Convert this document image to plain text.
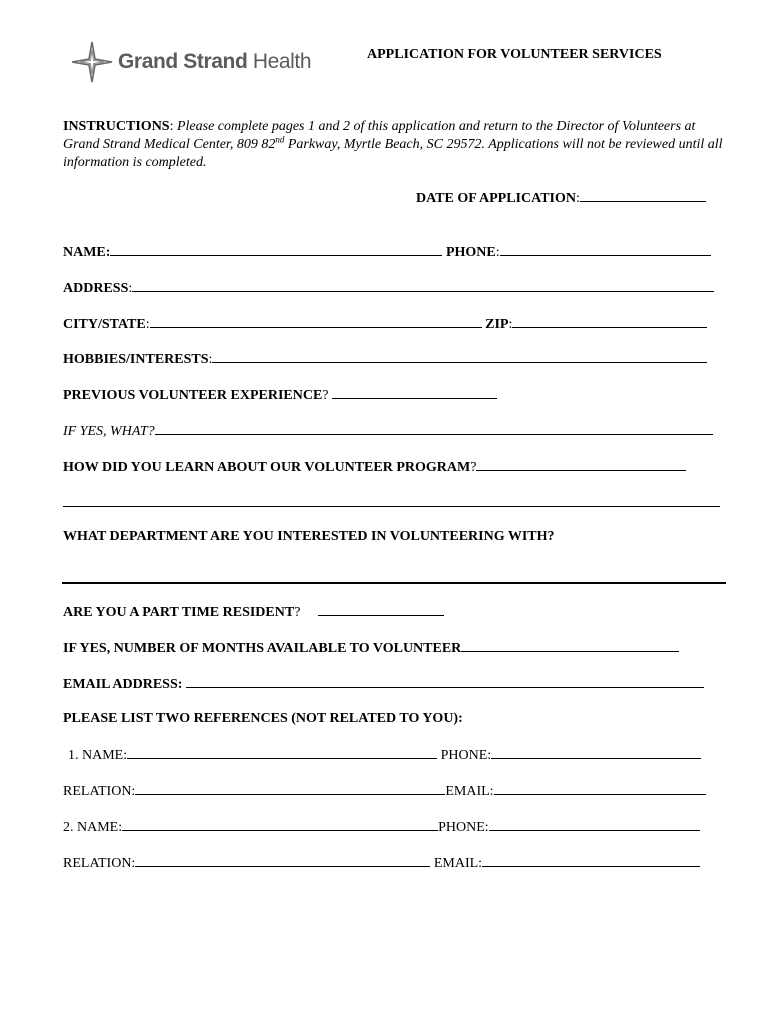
Grand Strand Health	APPLICATION FOR VOLUNTEER SERVICES
INSTRUCTIONS: Please complete pages 1 and 2 of this application and return to the Director of Volunteers at Grand Strand Medical Center, 809 82nd Parkway, Myrtle Beach, SC 29572. Applications will not be reviewed until all information is completed.
DATE OF APPLICATION:
NAME:	PHONE:
ADDRESS:
CITY/STATE:	ZIP:
HOBBIES/INTERESTS:
PREVIOUS VOLUNTEER EXPERIENCE?
IF YES, WHAT?
HOW DID YOU LEARN ABOUT OUR VOLUNTEER PROGRAM?
WHAT DEPARTMENT ARE YOU INTERESTED IN VOLUNTEERING WITH?
ARE YOU A PART TIME RESIDENT?
IF YES, NUMBER OF MONTHS AVAILABLE TO VOLUNTEER
EMAIL ADDRESS:
PLEASE LIST TWO REFERENCES (NOT RELATED TO YOU):
1. NAME:	PHONE:
RELATION:	EMAIL:
2. NAME:	PHONE:
RELATION:	EMAIL:
